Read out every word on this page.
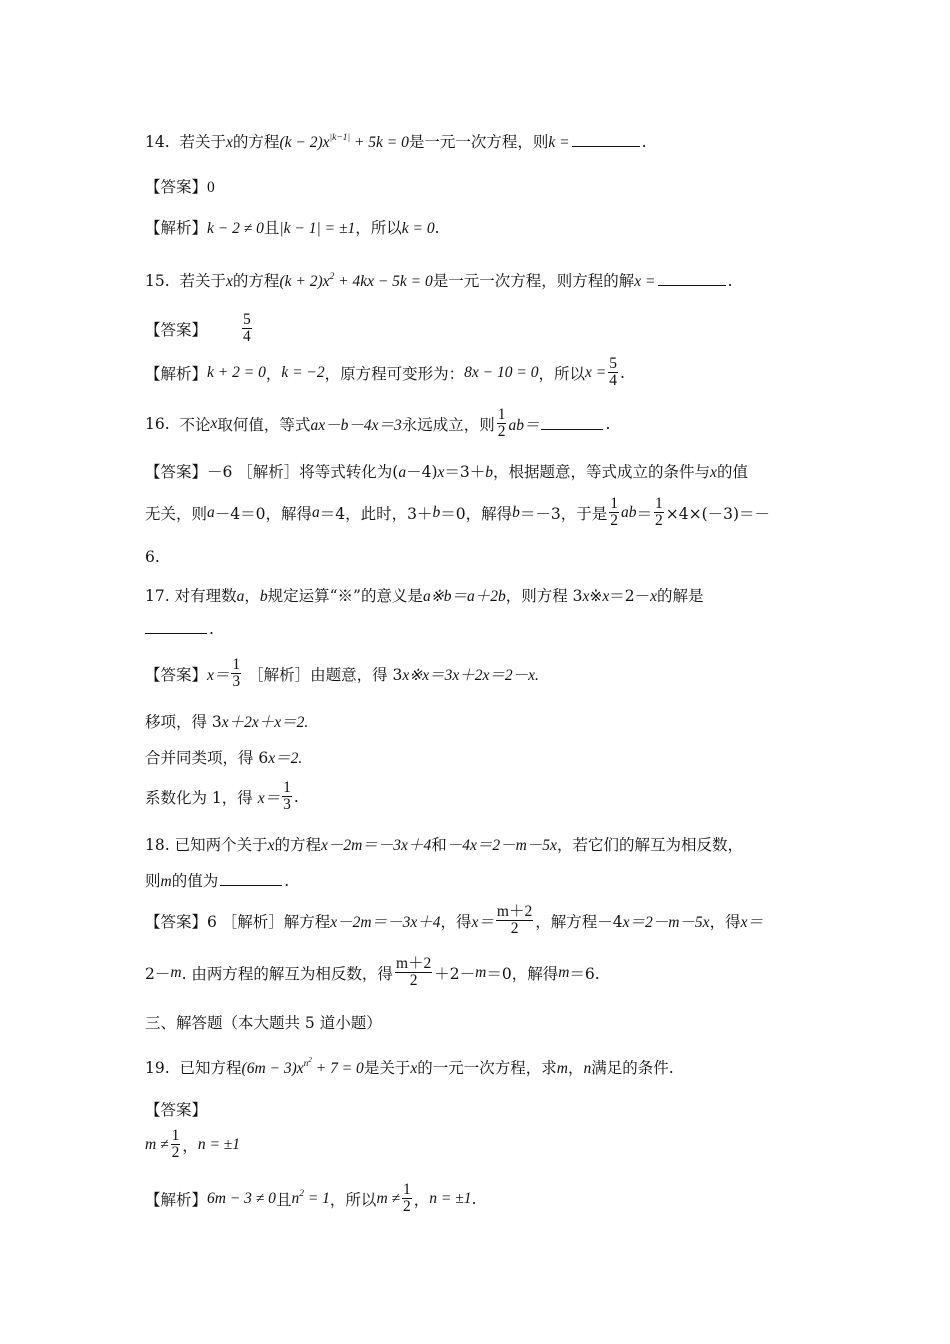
14. 若关于x的方程$(k - 2)x^{|k-1|} + 5k = 0$是一元一次方程，则k =	.
【答案】0
【解析】k − 2 ≠ 0且|k − 1| = ±1，所以k = 0.
15. 若关于x的方程$(k + 2)x^2 + 4kx - 5k = 0$是一元一次方程，则方程的解x =	.
【答案】 $\frac{5}{4}$
【解析】k + 2 = 0，k = −2，原方程可变形为：8x − 10 = 0，所以$x = \frac{5}{4}$ .
16. 不论x取何值，等式ax－b－4x＝3永远成立，则 $\frac{1}{2} ab=$	.
【答案】－6 ［解析］将等式转化为(a－4)x＝3＋b，根据题意，等式成立的条件与x的值
无关，则a－4＝0，解得a＝4，此时，3＋b＝0，解得b＝－3，于是 $\frac{1}{2} ab= \frac{1}{2} \times 4\times(-3)=-$
6.
17. 对有理数a，b规定运算“※”的意义是a※b＝a＋2b，则方程 3x※x＝2－x的解是
.
【答案】$x= \frac{1}{3}$ ［解析］由题意，得 3x※x＝3x＋2x＝2－x.
移项，得 3x＋2x＋x＝2.
合并同类项，得 6x＝2.
系数化为 1，得 $x= \frac{1}{3}$ .
18. 已知两个关于x的方程x－2m＝－3x＋4和－4x＝2－m－5x，若它们的解互为相反数，
则m的值为	.
【答案】6 ［解析］解方程x－2m＝－3x＋4，得$x= \frac{m+2}{2}$ ，解方程－4x＝2－m－5x，得x＝
2－m. 由两方程的解互为相反数，得 $\frac{m+2}{2} +2-m=0$，解得m＝6.
三、解答题（本大题共 5 道小题）
19. 已知方程$(6m - 3)x^{n^2} + 7 = 0$是关于x的一元一次方程，求m，n满足的条件.
【答案】
$m \ne \frac{1}{2}$ ，n = ±1
【解析】6m − 3 ≠ 0且$n^2 = 1$，所以$m \ne \frac{1}{2}$ ，n = ±1.
